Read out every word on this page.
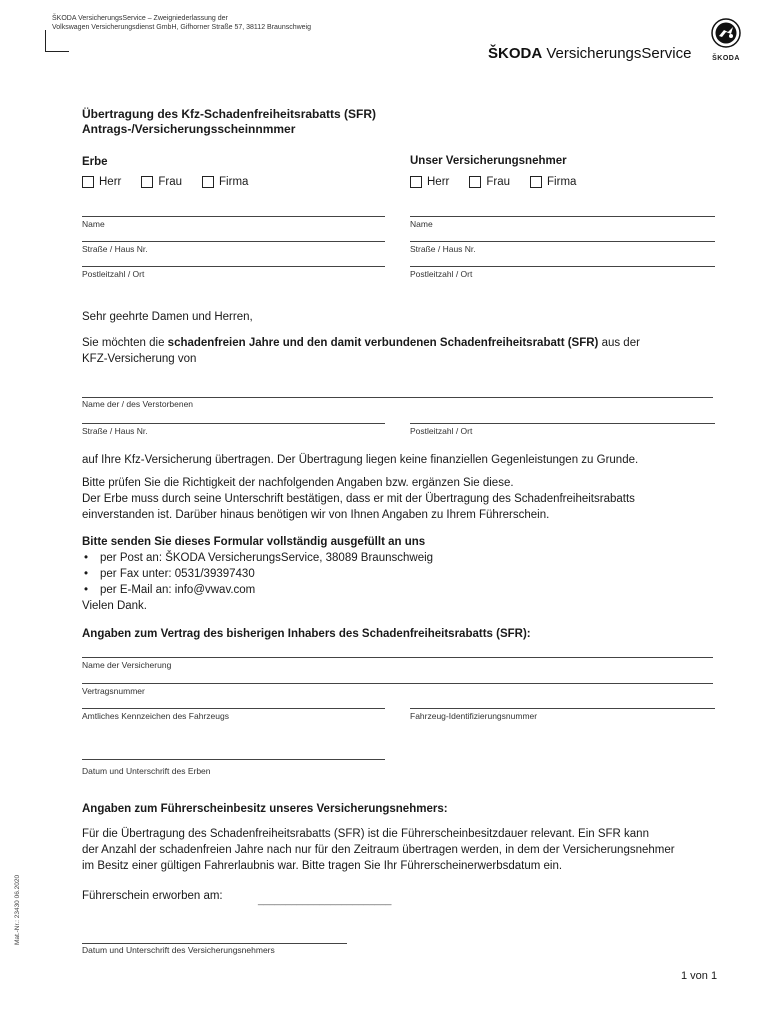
ŠKODA VersicherungsService – Zweigniederlassung der
Volkswagen Versicherungsdienst GmbH, Gifhorner Straße 57, 38112 Braunschweig
ŠKODA VersicherungsService	ŠKODA
Übertragung des Kfz-Schadenfreiheitsrabatts (SFR)
Antrags-/Versicherungsscheinnmmer
Erbe
Herr	Frau	Firma
Name
Straße / Haus Nr.
Postleitzahl / Ort
Unser Versicherungsnehmer
Herr	Frau	Firma
Name
Straße / Haus Nr.
Postleitzahl / Ort
Sehr geehrte Damen und Herren,
Sie möchten die schadenfreien Jahre und den damit verbundenen Schadenfreiheitsrabatt (SFR) aus der
KFZ-Versicherung von
Name der / des Verstorbenen
Straße / Haus Nr.	Postleitzahl / Ort
auf Ihre Kfz-Versicherung übertragen. Der Übertragung liegen keine finanziellen Gegenleistungen zu Grunde.
Bitte prüfen Sie die Richtigkeit der nachfolgenden Angaben bzw. ergänzen Sie diese.
Der Erbe muss durch seine Unterschrift bestätigen, dass er mit der Übertragung des Schadenfreiheitsrabatts
einverstanden ist. Darüber hinaus benötigen wir von Ihnen Angaben zu Ihrem Führerschein.
Bitte senden Sie dieses Formular vollständig ausgefüllt an uns
• per Post an: ŠKODA VersicherungsService, 38089 Braunschweig
• per Fax unter: 0531/39397430
• per E-Mail an: info@vwav.com
Vielen Dank.
Angaben zum Vertrag des bisherigen Inhabers des Schadenfreiheitsrabatts (SFR):
Name der Versicherung
Vertragsnummer
Amtliches Kennzeichen des Fahrzeugs	Fahrzeug-Identifizierungsnummer
Datum und Unterschrift des Erben
Angaben zum Führerscheinbesitz unseres Versicherungsnehmers:
Für die Übertragung des Schadenfreiheitsrabatts (SFR) ist die Führerscheinbesitzdauer relevant. Ein SFR kann
der Anzahl der schadenfreien Jahre nach nur für den Zeitraum übertragen werden, in dem der Versicherungsnehmer
im Besitz einer gültigen Fahrerlaubnis war. Bitte tragen Sie Ihr Führerscheinerwerbsdatum ein.
Führerschein erworben am:	________________________
Datum und Unterschrift des Versicherungsnehmers
Mat.-Nr.: 23430 06.2020
1 von 1
